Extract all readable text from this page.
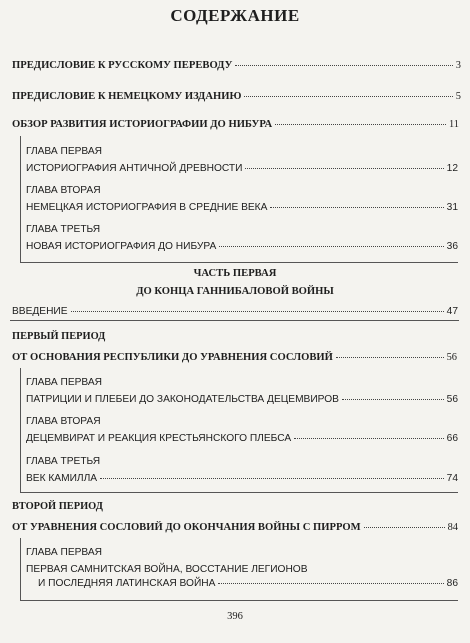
СОДЕРЖАНИЕ
ПРЕДИСЛОВИЕ К РУССКОМУ ПЕРЕВОДУ	3
ПРЕДИСЛОВИЕ К НЕМЕЦКОМУ ИЗДАНИЮ	5
ОБЗОР РАЗВИТИЯ ИСТОРИОГРАФИИ ДО НИБУРА	11
ГЛАВА ПЕРВАЯ
ИСТОРИОГРАФИЯ АНТИЧНОЙ ДРЕВНОСТИ	12
ГЛАВА ВТОРАЯ
НЕМЕЦКАЯ ИСТОРИОГРАФИЯ В СРЕДНИЕ ВЕКА	31
ГЛАВА ТРЕТЬЯ
НОВАЯ ИСТОРИОГРАФИЯ ДО НИБУРА	36
ЧАСТЬ ПЕРВАЯ
ДО КОНЦА ГАННИБАЛОВОЙ ВОЙНЫ
ВВЕДЕНИЕ	47
ПЕРВЫЙ ПЕРИОД
ОТ ОСНОВАНИЯ РЕСПУБЛИКИ ДО УРАВНЕНИЯ СОСЛОВИЙ	56
ГЛАВА ПЕРВАЯ
ПАТРИЦИИ И ПЛЕБЕИ ДО ЗАКОНОДАТЕЛЬСТВА ДЕЦЕМВИРОВ	56
ГЛАВА ВТОРАЯ
ДЕЦЕМВИРАТ И РЕАКЦИЯ КРЕСТЬЯНСКОГО ПЛЕБСА	66
ГЛАВА ТРЕТЬЯ
ВЕК КАМИЛЛА	74
ВТОРОЙ ПЕРИОД
ОТ УРАВНЕНИЯ СОСЛОВИЙ ДО ОКОНЧАНИЯ ВОЙНЫ С ПИРРОМ	84
ГЛАВА ПЕРВАЯ
ПЕРВАЯ САМНИТСКАЯ ВОЙНА, ВОССТАНИЕ ЛЕГИОНОВ
И ПОСЛЕДНЯЯ ЛАТИНСКАЯ ВОЙНА	86
396
